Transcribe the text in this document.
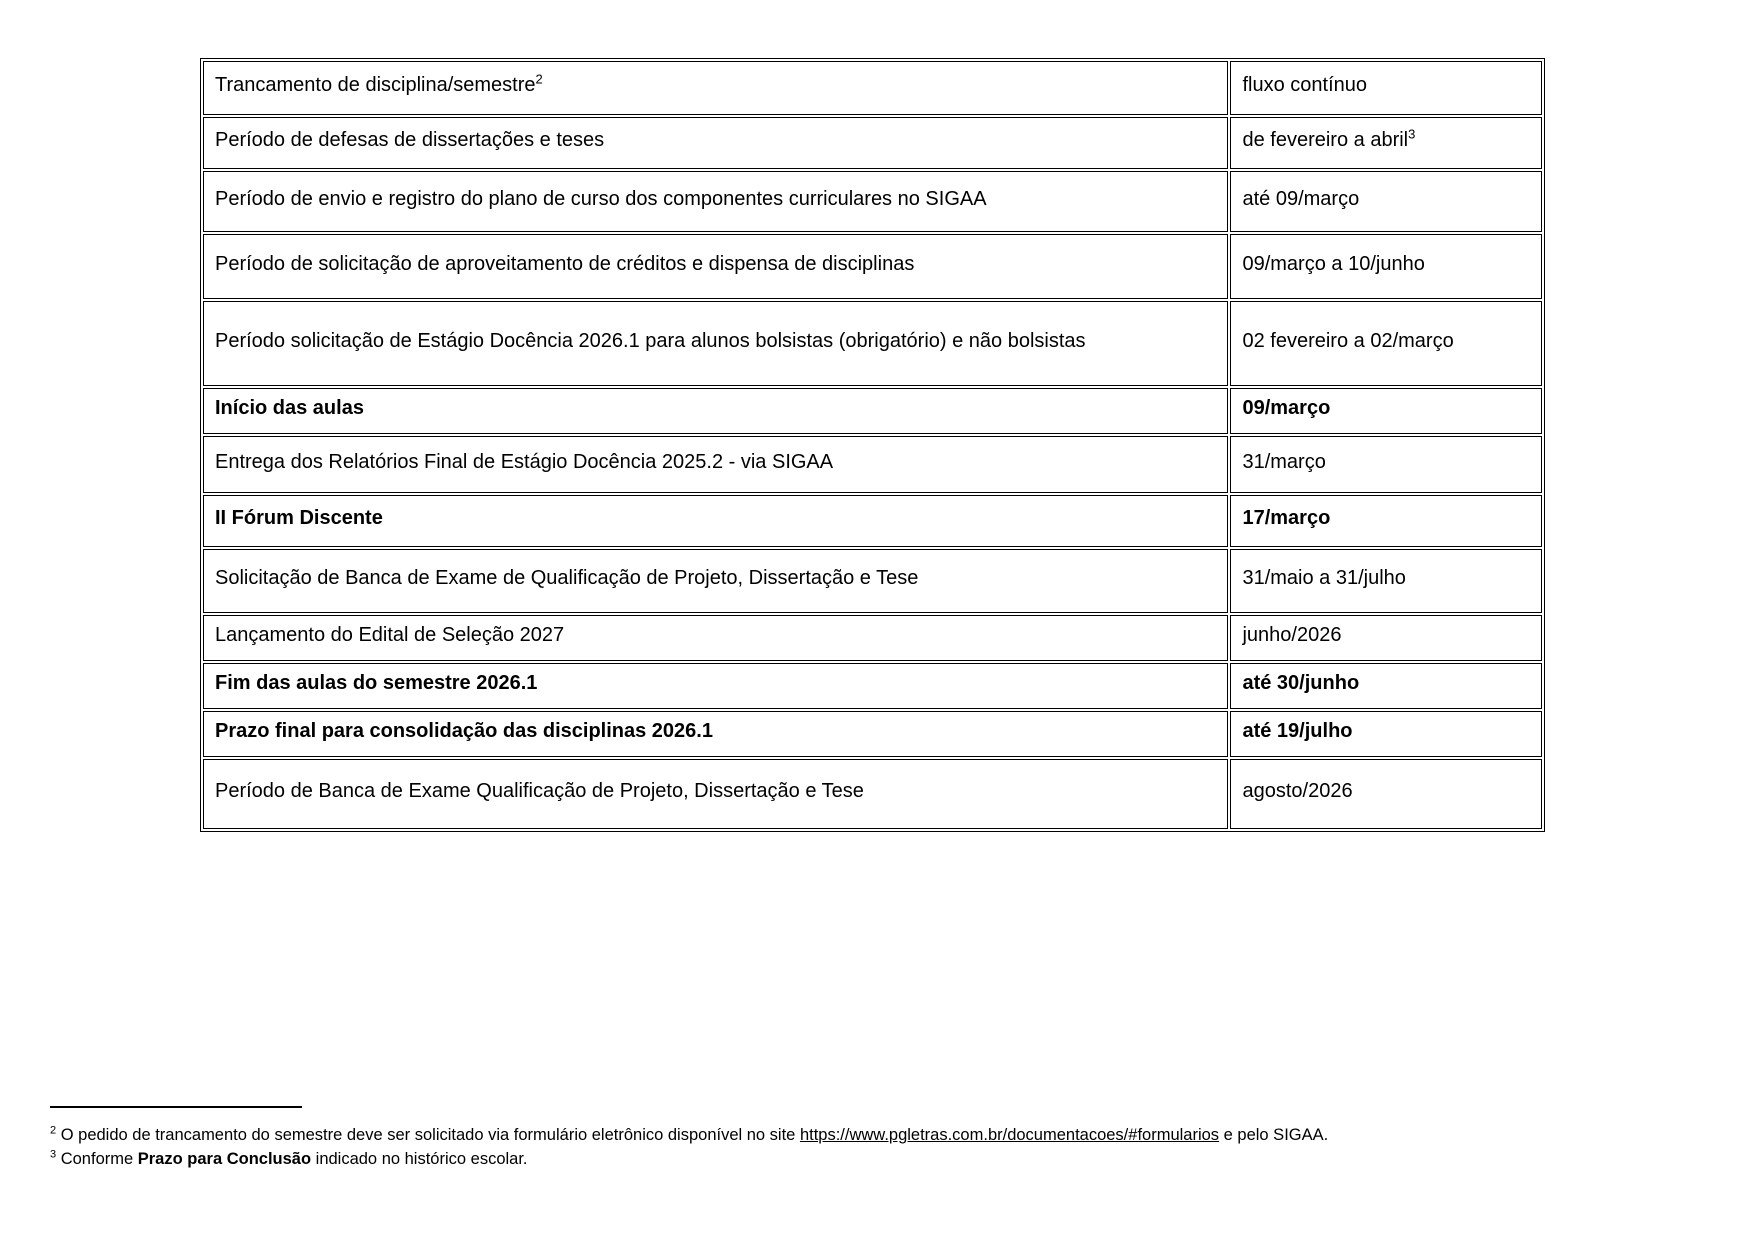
Trancamento de disciplina/semestre$^2$	fluxo contínuo
Período de defesas de dissertações e teses	de fevereiro a abril$^3$
Período de envio e registro do plano de curso dos componentes curriculares no SIGAA	até 09/março
Período de solicitação de aproveitamento de créditos e dispensa de disciplinas	09/março a 10/junho
Período solicitação de Estágio Docência 2026.1 para alunos bolsistas (obrigatório) e não bolsistas	02 fevereiro a 02/março
Início das aulas	09/março
Entrega dos Relatórios Final de Estágio Docência 2025.2 - via SIGAA	31/março
II Fórum Discente	17/março
Solicitação de Banca de Exame de Qualificação de Projeto, Dissertação e Tese	31/maio a 31/julho
Lançamento do Edital de Seleção 2027	junho/2026
Fim das aulas do semestre 2026.1	até 30/junho
Prazo final para consolidação das disciplinas 2026.1	até 19/julho
Período de Banca de Exame Qualificação de Projeto, Dissertação e Tese	agosto/2026

$^2$ O pedido de trancamento do semestre deve ser solicitado via formulário eletrônico disponível no site https://www.pgletras.com.br/documentacoes/#formularios e pelo SIGAA.

$^3$ Conforme Prazo para Conclusão indicado no histórico escolar.
